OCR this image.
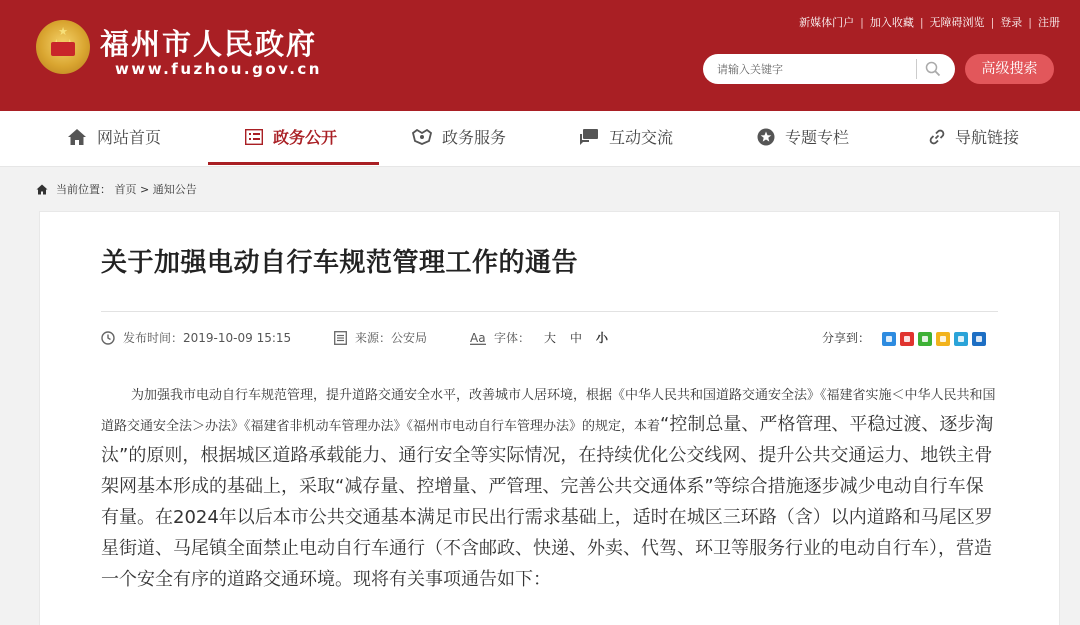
★	福州市人民政府
www.fuzhou.gov.cn
新媒体门户 | 加入收藏 | 无障碍浏览 | 登录 | 注册
请输入关键字
高级搜索
网站首页	政务公开	政务服务	互动交流	专题专栏	导航链接
当前位置： 首页 > 通知公告
关于加强电动自行车规范管理工作的通告
发布时间：2019-10-09 15:15	来源：公安局	Aa 字体： 大 中 小	分享到：

为加强我市电动自行车规范管理，提升道路交通安全水平，改善城市人居环境，根据《中华人民共和国道路交通安全法》《福建省实施＜中华人民共和国道路交通安全法＞办法》《福建省非机动车管理办法》《福州市电动自行车管理办法》的规定，本着“控制总量、严格管理、平稳过渡、逐步淘汰”的原则，根据城区道路承载能力、通行安全等实际情况，在持续优化公交线网、提升公共交通运力、地铁主骨架网基本形成的基础上，采取“减存量、控增量、严管理、完善公共交通体系”等综合措施逐步减少电动自行车保有量。在2024年以后本市公共交通基本满足市民出行需求基础上，适时在城区三环路（含）以内道路和马尾区罗星街道、马尾镇全面禁止电动自行车通行（不含邮政、快递、外卖、代驾、环卫等服务行业的电动自行车），营造一个安全有序的道路交通环境。现将有关事项通告如下：
